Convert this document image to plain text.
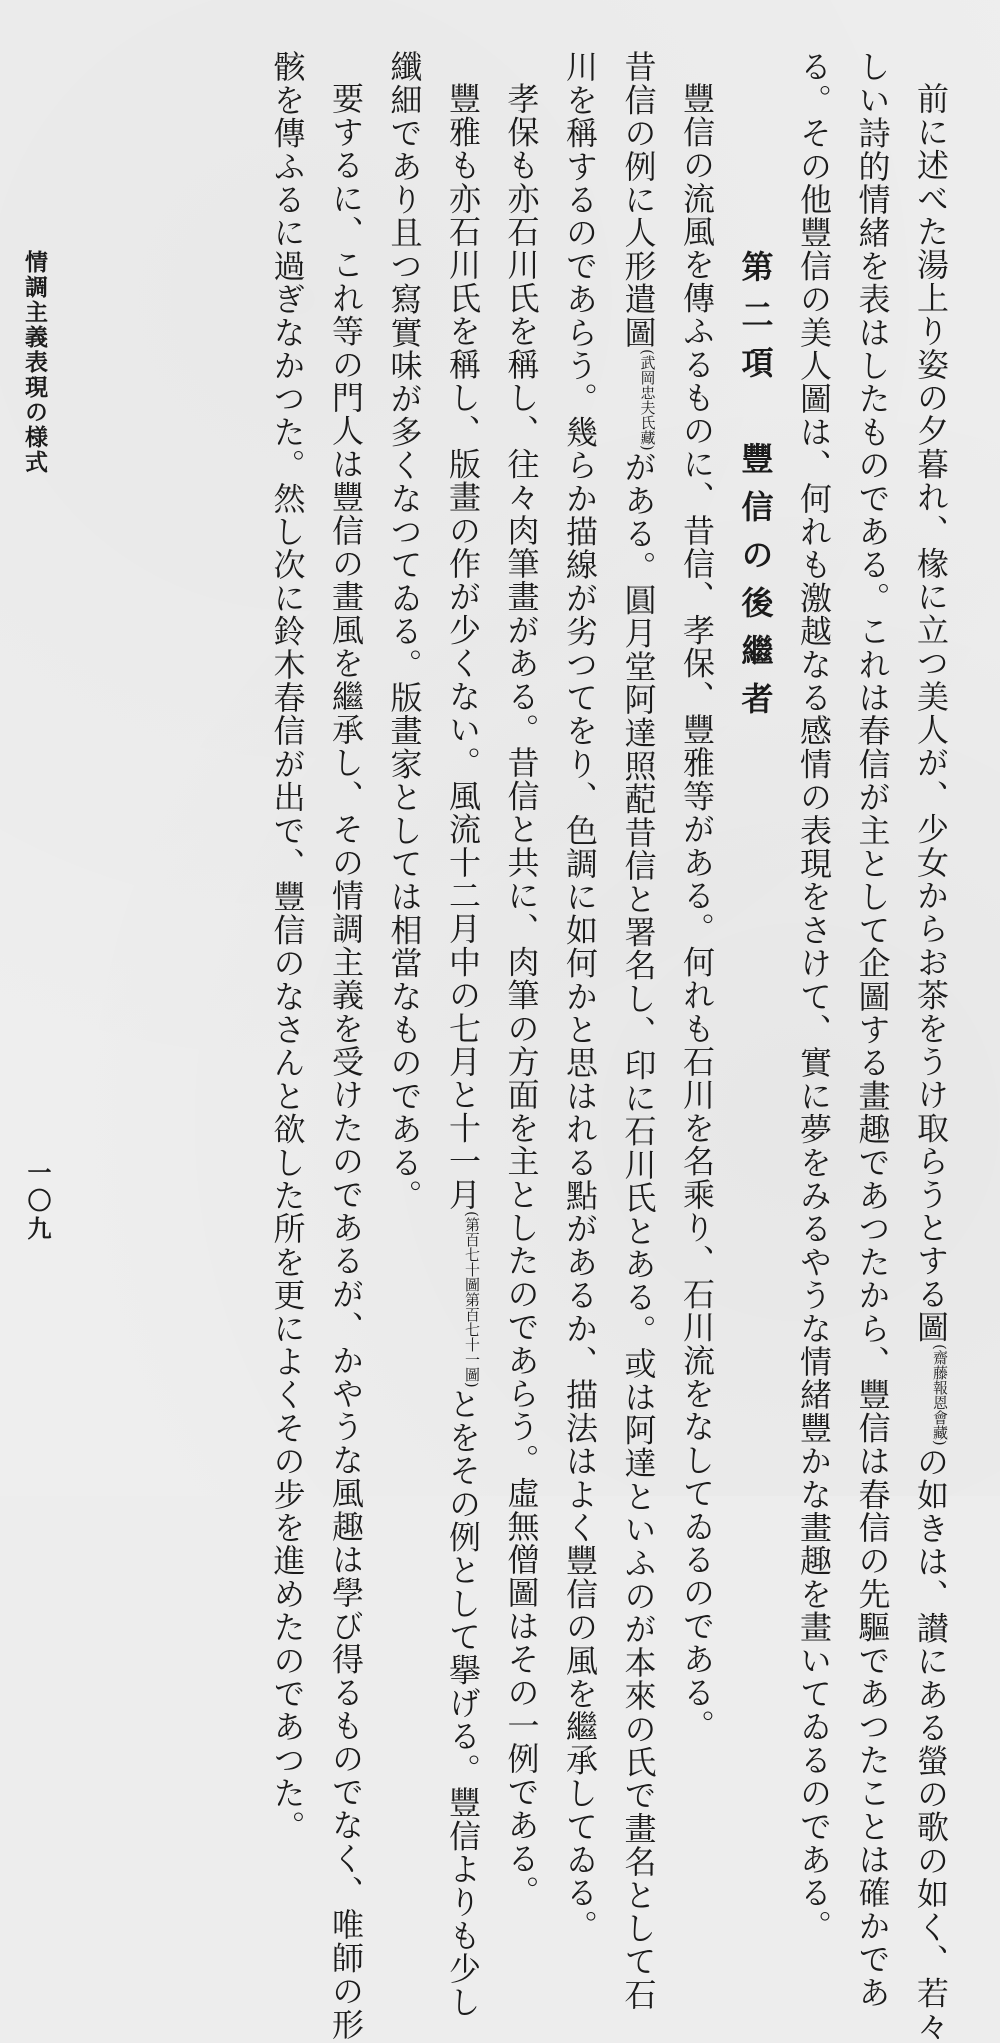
前に述べた湯上り姿の夕暮れ、椽に立つ美人が、少女からお茶をうけ取らうとする圖(齋藤報恩會藏)の如きは、讃にある螢の歌の如く、若々
しい詩的情緒を表はしたものである。これは春信が主として企圖する畫趣であつたから、豐信は春信の先驅であつたことは確かであ
る。その他豐信の美人圖は、何れも激越なる感情の表現をさけて、實に夢をみるやうな情緒豐かな畫趣を畫いてゐるのである。
第二項　豐信の後繼者
豐信の流風を傳ふるものに、昔信、孝保、豐雅等がある。何れも石川を名乘り、石川流をなしてゐるのである。
昔信の例に人形遣圖(武岡忠夫氏藏)がある。圓月堂阿達照蓜昔信と署名し、印に石川氏とある。或は阿達といふのが本來の氏で畫名として石
川を稱するのであらう。幾らか描線が劣つてをり、色調に如何かと思はれる點があるか、描法はよく豐信の風を繼承してゐる。
孝保も亦石川氏を稱し、往々肉筆畫がある。昔信と共に、肉筆の方面を主としたのであらう。虛無僧圖はその一例である。
豐雅も亦石川氏を稱し、版畫の作が少くない。風流十二月中の七月と十一月(第百七十圖第百七十一圖)とをその例として擧げる。豐信よりも少し
纖細であり且つ寫實味が多くなつてゐる。版畫家としては相當なものである。
要するに、これ等の門人は豐信の畫風を繼承し、その情調主義を受けたのであるが、かやうな風趣は學び得るものでなく、唯師の形
骸を傳ふるに過ぎなかつた。然し次に鈴木春信が出で、豐信のなさんと欲した所を更によくその步を進めたのであつた。
情調主義表現の様式
一〇九
